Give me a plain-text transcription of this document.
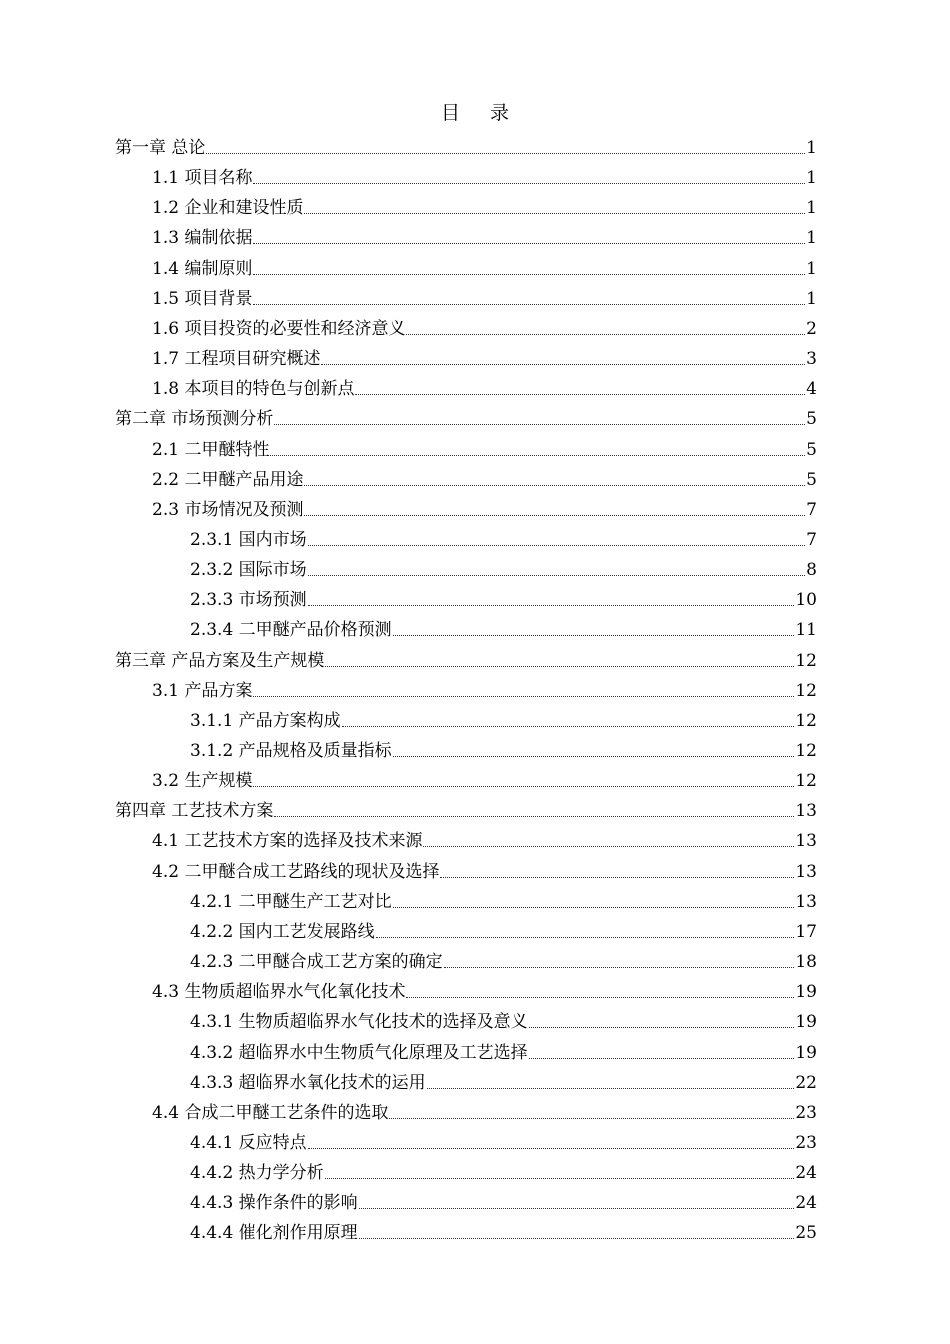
目 录
第一章 总论	1
1.1 项目名称	1
1.2 企业和建设性质	1
1.3 编制依据	1
1.4 编制原则	1
1.5 项目背景	1
1.6 项目投资的必要性和经济意义	2
1.7 工程项目研究概述	3
1.8 本项目的特色与创新点	4
第二章 市场预测分析	5
2.1 二甲醚特性	5
2.2 二甲醚产品用途	5
2.3 市场情况及预测	7
2.3.1 国内市场	7
2.3.2 国际市场	8
2.3.3 市场预测	10
2.3.4 二甲醚产品价格预测	11
第三章 产品方案及生产规模	12
3.1 产品方案	12
3.1.1 产品方案构成	12
3.1.2 产品规格及质量指标	12
3.2 生产规模	12
第四章 工艺技术方案	13
4.1 工艺技术方案的选择及技术来源	13
4.2 二甲醚合成工艺路线的现状及选择	13
4.2.1 二甲醚生产工艺对比	13
4.2.2 国内工艺发展路线	17
4.2.3 二甲醚合成工艺方案的确定	18
4.3 生物质超临界水气化氧化技术	19
4.3.1 生物质超临界水气化技术的选择及意义	19
4.3.2 超临界水中生物质气化原理及工艺选择	19
4.3.3 超临界水氧化技术的运用	22
4.4 合成二甲醚工艺条件的选取	23
4.4.1 反应特点	23
4.4.2 热力学分析	24
4.4.3 操作条件的影响	24
4.4.4 催化剂作用原理	25
